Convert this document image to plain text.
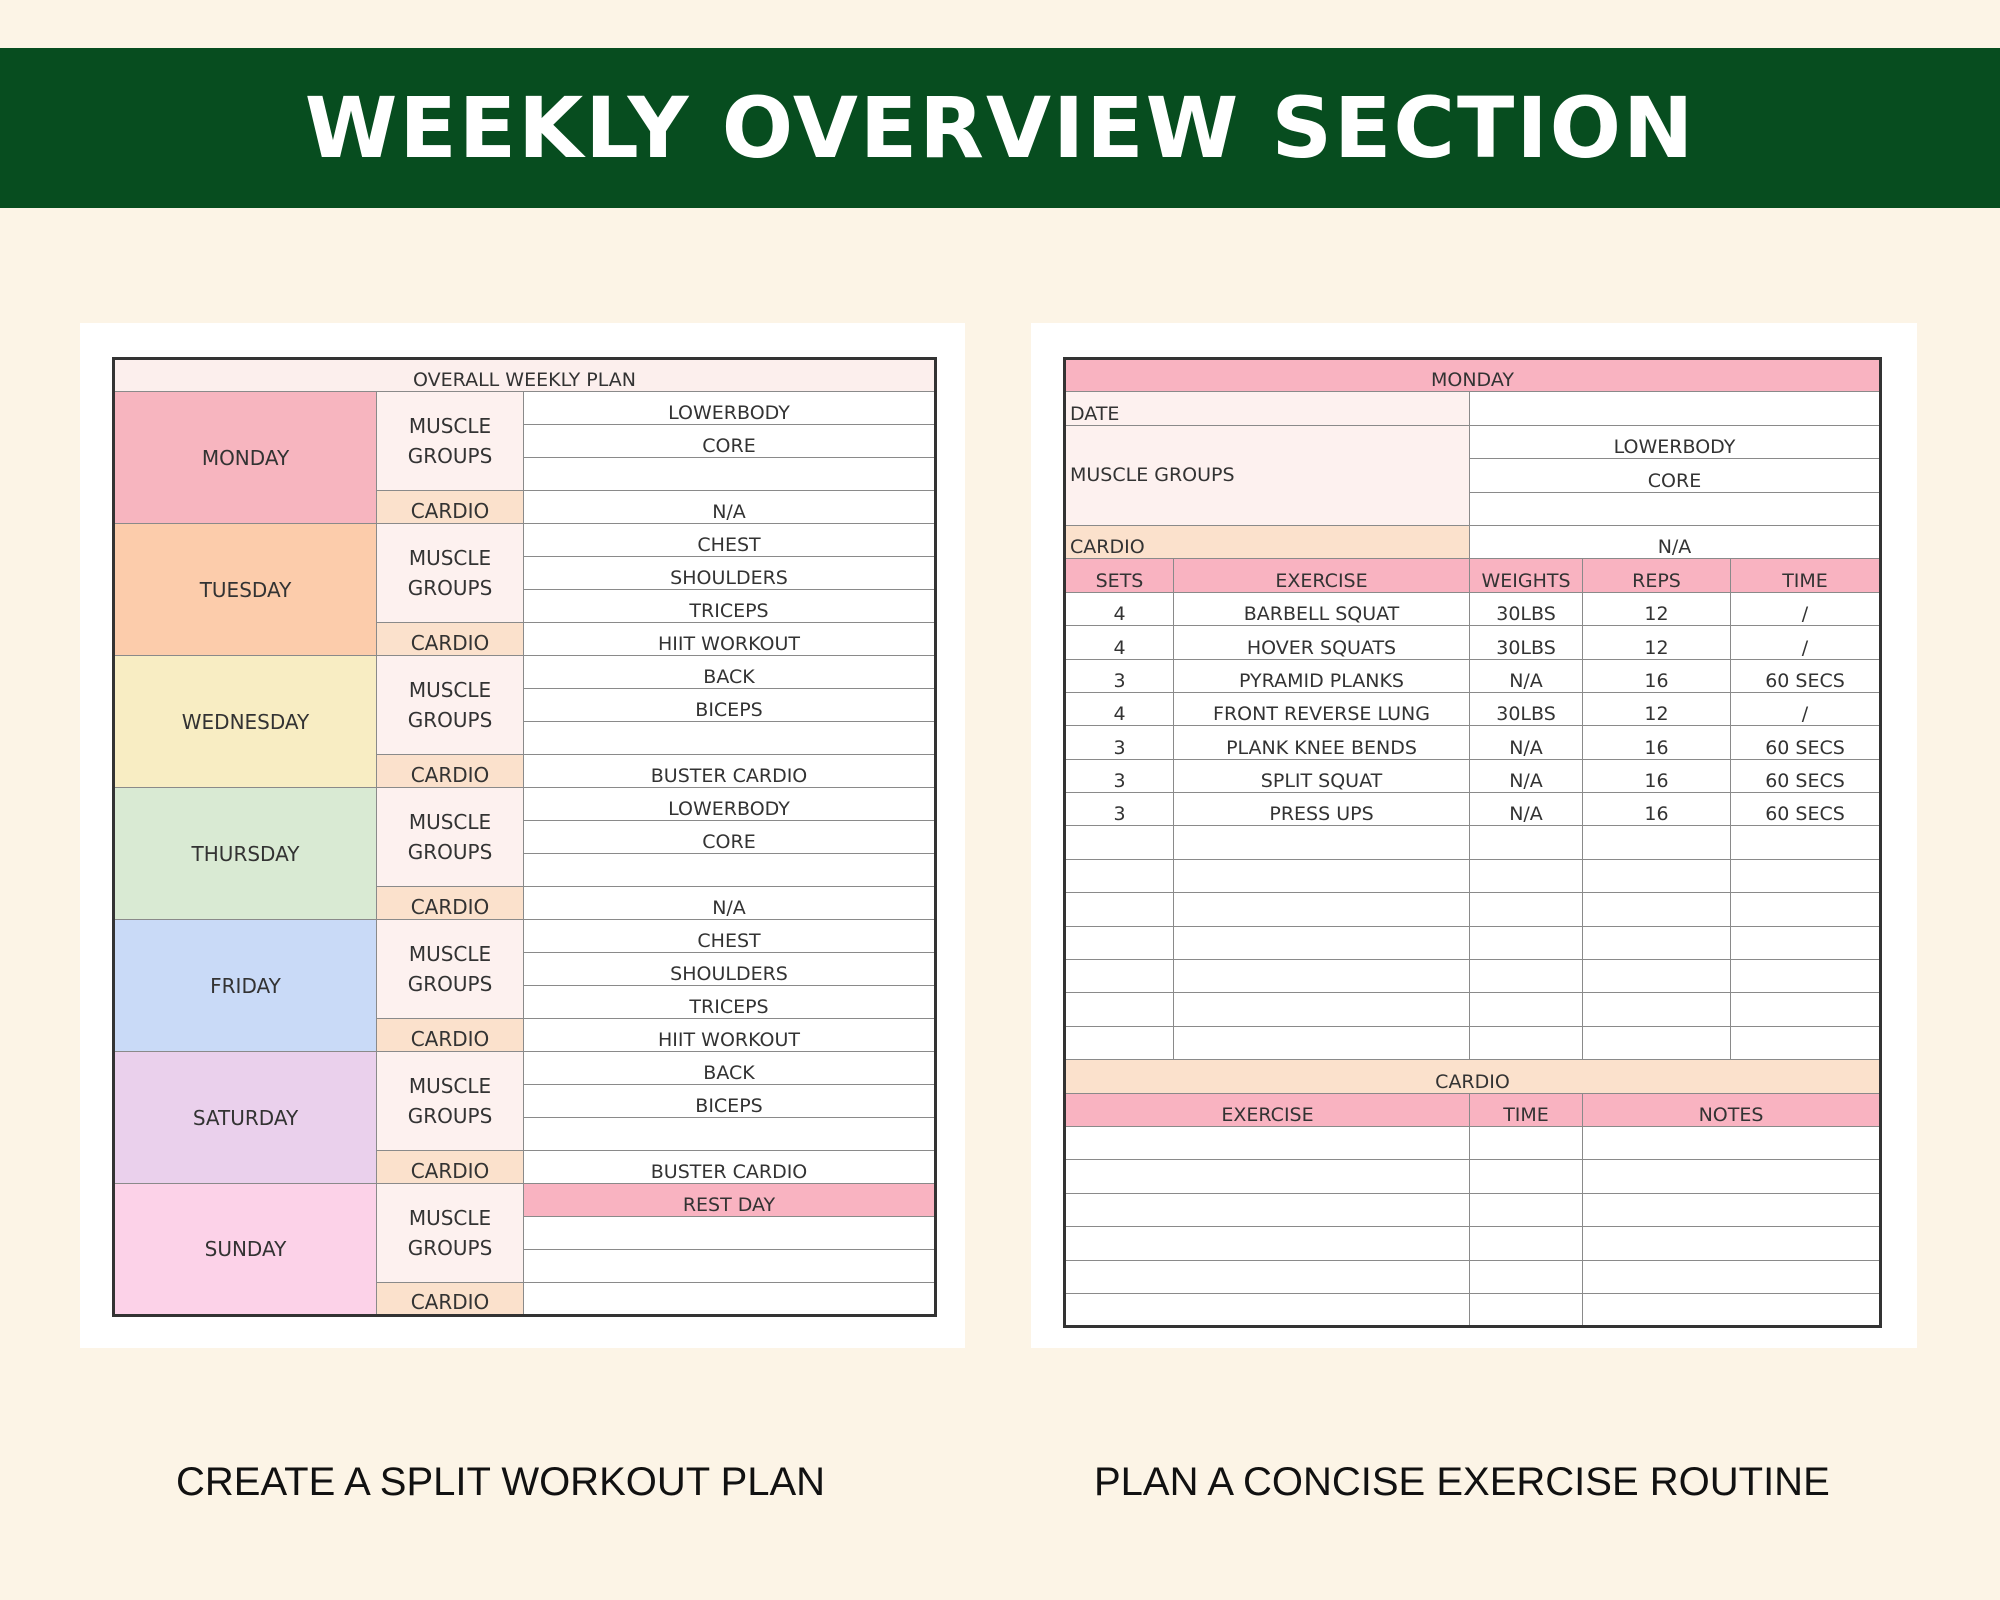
WEEKLY OVERVIEW SECTION
OVERALL WEEKLY PLAN		
MONDAY	MUSCLE GROUPS	LOWERBODY
		CORE

	CARDIO	N/A
TUESDAY	MUSCLE GROUPS	CHEST
		SHOULDERS
		TRICEPS
	CARDIO	HIIT WORKOUT
WEDNESDAY	MUSCLE GROUPS	BACK
		BICEPS

	CARDIO	BUSTER CARDIO
THURSDAY	MUSCLE GROUPS	LOWERBODY
		CORE

	CARDIO	N/A
FRIDAY	MUSCLE GROUPS	CHEST
		SHOULDERS
		TRICEPS
	CARDIO	HIIT WORKOUT
SATURDAY	MUSCLE GROUPS	BACK
		BICEPS

	CARDIO	BUSTER CARDIO
SUNDAY	MUSCLE GROUPS	REST DAY

	CARDIO	
MONDAY				
DATE				
MUSCLE GROUPS		LOWERBODY		
		CORE		

CARDIO		N/A		
SETS	EXERCISE	WEIGHTS	REPS	TIME
4	BARBELL SQUAT	30LBS	12	/
4	HOVER SQUATS	30LBS	12	/
3	PYRAMID PLANKS	N/A	16	60 SECS
4	FRONT REVERSE LUNG	30LBS	12	/
3	PLANK KNEE BENDS	N/A	16	60 SECS
3	SPLIT SQUAT	N/A	16	60 SECS
3	PRESS UPS	N/A	16	60 SECS

CARDIO				
EXERCISE		TIME	NOTES	

CREATE A SPLIT WORKOUT PLAN	PLAN A CONCISE EXERCISE ROUTINE
